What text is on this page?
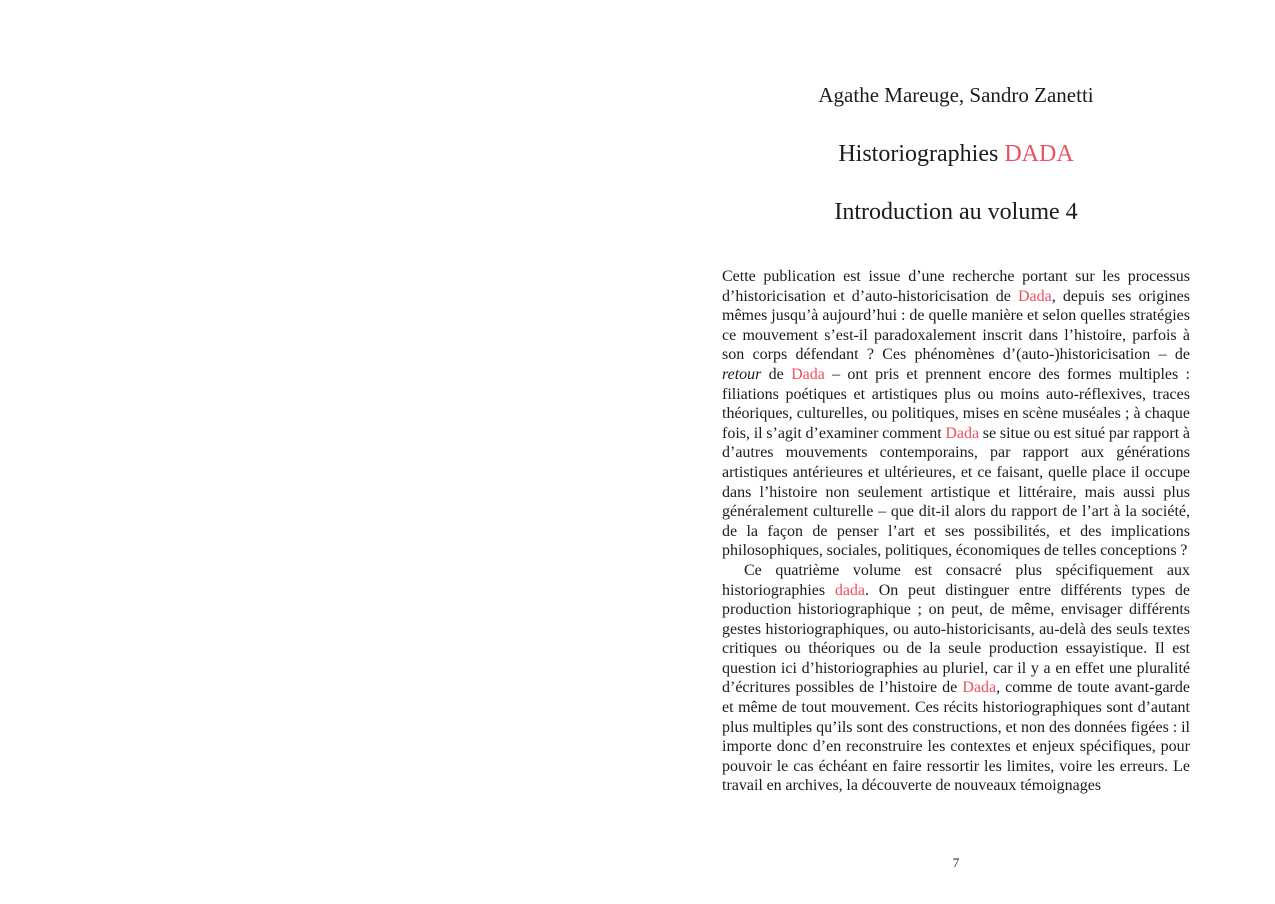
Agathe Mareuge, Sandro Zanetti
Historiographies DADA
Introduction au volume 4

Cette publication est issue d’une recherche portant sur les processus d’historicisation et d’auto-historicisation de Dada, depuis ses origines mêmes jusqu’à aujourd’hui : de quelle manière et selon quelles stratégies ce mouvement s’est-il paradoxalement inscrit dans l’histoire, parfois à son corps défendant ? Ces phénomènes d’(auto-)historicisation – de retour de Dada – ont pris et prennent encore des formes multiples : filiations poétiques et artistiques plus ou moins auto-réflexives, traces théoriques, culturelles, ou politiques, mises en scène muséales ; à chaque fois, il s’agit d’examiner comment Dada se situe ou est situé par rapport à d’autres mouvements contemporains, par rapport aux générations artistiques antérieures et ultérieures, et ce faisant, quelle place il occupe dans l’histoire non seulement artistique et littéraire, mais aussi plus généralement culturelle – que dit-il alors du rapport de l’art à la société, de la façon de penser l’art et ses possibilités, et des implications philosophiques, sociales, politiques, économiques de telles conceptions ?

Ce quatrième volume est consacré plus spécifiquement aux historiographies dada. On peut distinguer entre différents types de production historiographique ; on peut, de même, envisager différents gestes historiographiques, ou auto-historicisants, au-delà des seuls textes critiques ou théoriques ou de la seule production essayistique. Il est question ici d’historiographies au pluriel, car il y a en effet une pluralité d’écritures possibles de l’histoire de Dada, comme de toute avant-garde et même de tout mouvement. Ces récits historiographiques sont d’autant plus multiples qu’ils sont des constructions, et non des données figées : il importe donc d’en reconstruire les contextes et enjeux spécifiques, pour pouvoir le cas échéant en faire ressortir les limites, voire les erreurs. Le travail en archives, la découverte de nouveaux témoignages

7
